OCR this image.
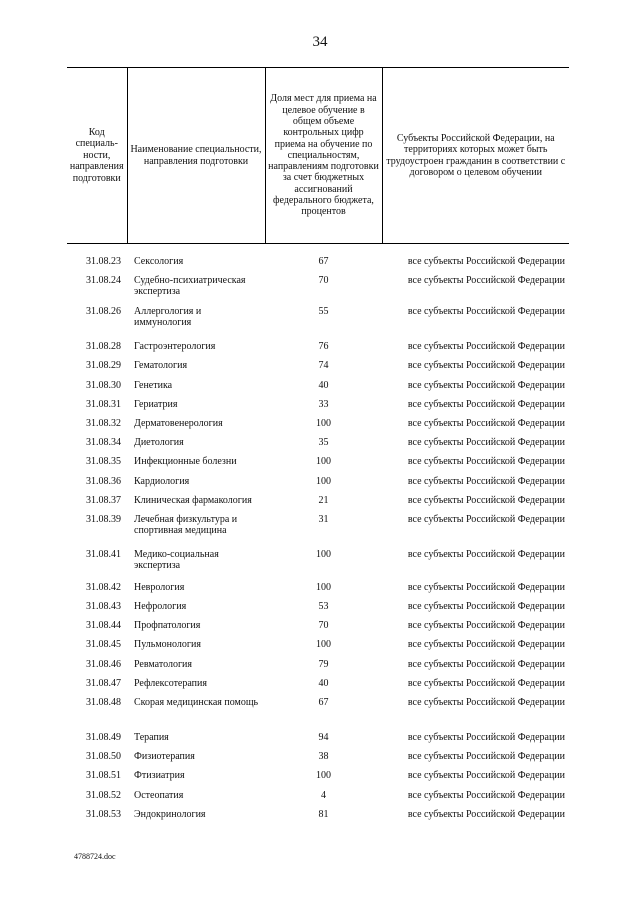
34
Код специаль-ности, направления подготовки	Наименование специальности, направления подготовки	Доля мест для приема на целевое обучение в общем объеме контрольных цифр приема на обучение по специальностям, направлениям подготовки за счет бюджетных ассигнований федерального бюджета, процентов	Субъекты Российской Федерации, на территориях которых может быть трудоустроен гражданин в соответствии с договором о целевом обучении

31.08.23	Сексология	67	все субъекты Российской Федерации
31.08.24	Судебно-психиатрическая экспертиза	70	все субъекты Российской Федерации
31.08.26	Аллергология и иммунология	55	все субъекты Российской Федерации
31.08.28	Гастроэнтерология	76	все субъекты Российской Федерации
31.08.29	Гематология	74	все субъекты Российской Федерации
31.08.30	Генетика	40	все субъекты Российской Федерации
31.08.31	Гериатрия	33	все субъекты Российской Федерации
31.08.32	Дерматовенерология	100	все субъекты Российской Федерации
31.08.34	Диетология	35	все субъекты Российской Федерации
31.08.35	Инфекционные болезни	100	все субъекты Российской Федерации
31.08.36	Кардиология	100	все субъекты Российской Федерации
31.08.37	Клиническая фармакология	21	все субъекты Российской Федерации
31.08.39	Лечебная физкультура и спортивная медицина	31	все субъекты Российской Федерации
31.08.41	Медико-социальная экспертиза	100	все субъекты Российской Федерации
31.08.42	Неврология	100	все субъекты Российской Федерации
31.08.43	Нефрология	53	все субъекты Российской Федерации
31.08.44	Профпатология	70	все субъекты Российской Федерации
31.08.45	Пульмонология	100	все субъекты Российской Федерации
31.08.46	Ревматология	79	все субъекты Российской Федерации
31.08.47	Рефлексотерапия	40	все субъекты Российской Федерации
31.08.48	Скорая медицинская помощь	67	все субъекты Российской Федерации
31.08.49	Терапия	94	все субъекты Российской Федерации
31.08.50	Физиотерапия	38	все субъекты Российской Федерации
31.08.51	Фтизиатрия	100	все субъекты Российской Федерации
31.08.52	Остеопатия	4	все субъекты Российской Федерации
31.08.53	Эндокринология	81	все субъекты Российской Федерации
4788724.doc
